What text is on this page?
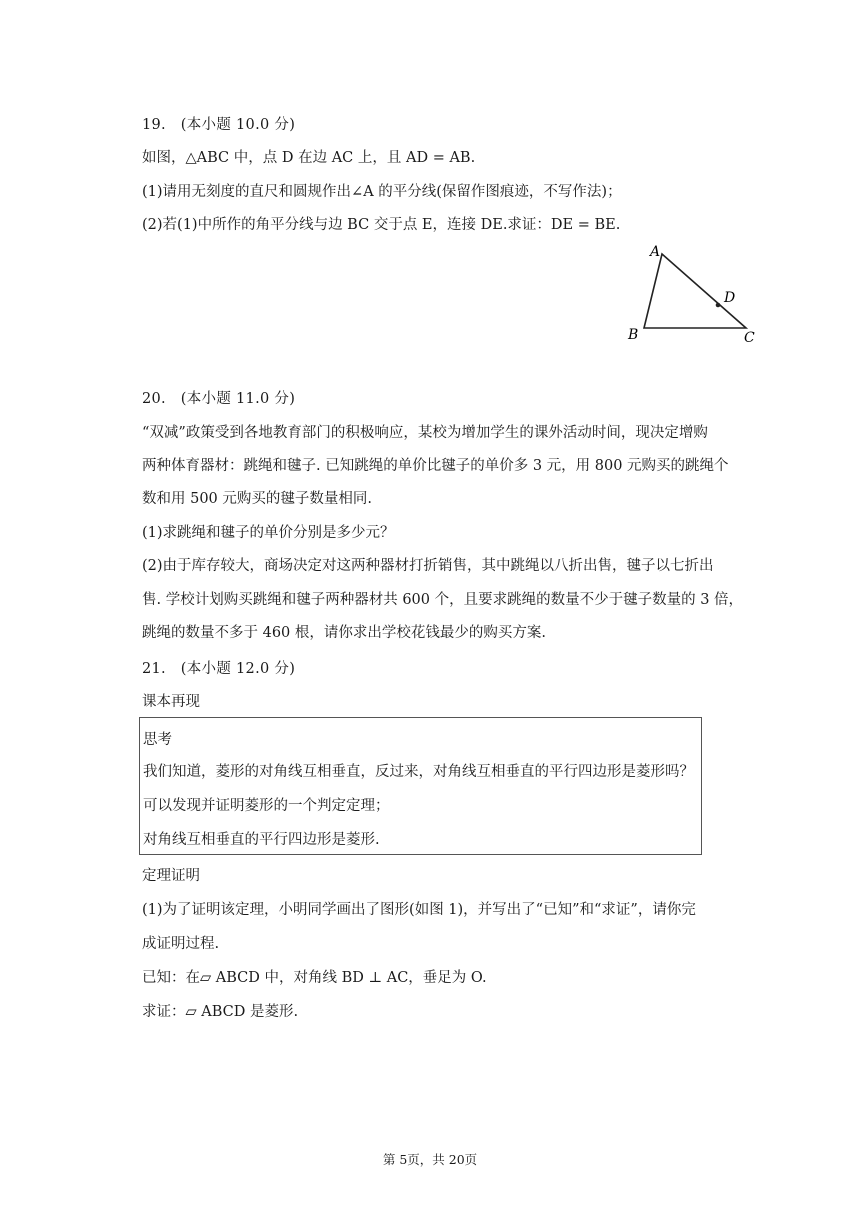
19.　(本小题 10.0 分)
如图，△ABC 中，点 D 在边 AC 上，且 AD = AB.
(1)请用无刻度的直尺和圆规作出∠A 的平分线(保留作图痕迹，不写作法)；
(2)若(1)中所作的角平分线与边 BC 交于点 E，连接 DE.求证：DE = BE.
A
B	C
D
20.　(本小题 11.0 分)
“双减”政策受到各地教育部门的积极响应，某校为增加学生的课外活动时间，现决定增购
两种体育器材：跳绳和毽子. 已知跳绳的单价比毽子的单价多 3 元，用 800 元购买的跳绳个
数和用 500 元购买的毽子数量相同.
(1)求跳绳和毽子的单价分别是多少元？
(2)由于库存较大，商场决定对这两种器材打折销售，其中跳绳以八折出售，毽子以七折出
售. 学校计划购买跳绳和毽子两种器材共 600 个，且要求跳绳的数量不少于毽子数量的 3 倍，
跳绳的数量不多于 460 根，请你求出学校花钱最少的购买方案.
21.　(本小题 12.0 分)
课本再现
思考
我们知道，菱形的对角线互相垂直，反过来，对角线互相垂直的平行四边形是菱形吗？
可以发现并证明菱形的一个判定定理；
对角线互相垂直的平行四边形是菱形.
定理证明
(1)为了证明该定理，小明同学画出了图形(如图 1)，并写出了“已知”和“求证”，请你完
成证明过程.
已知：在▱ ABCD 中，对角线 BD ⊥ AC，垂足为 O.
求证：▱ ABCD 是菱形.
第 5页，共 20页
